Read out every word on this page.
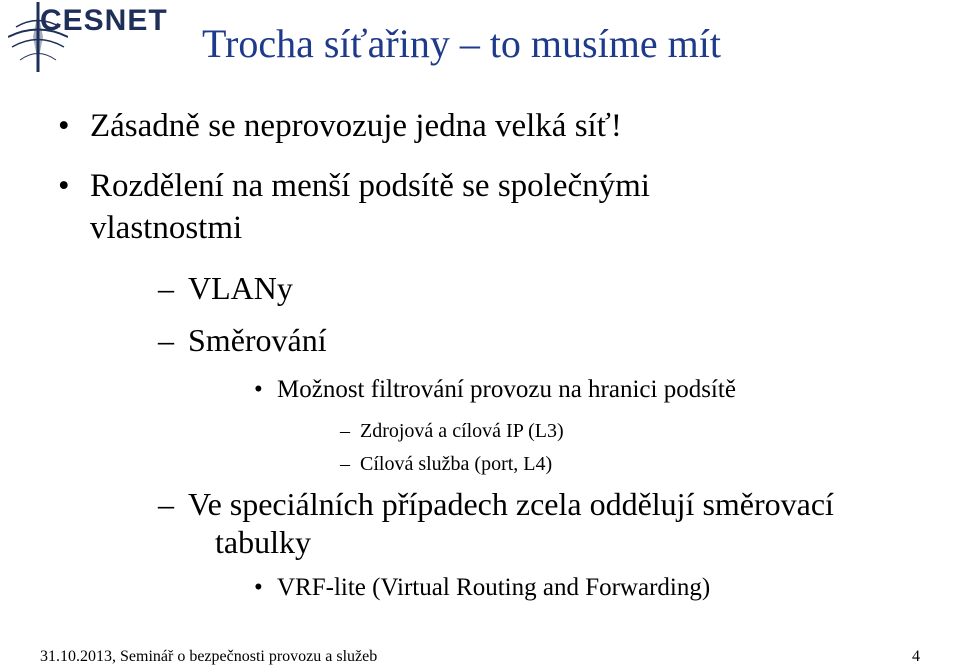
CESNET
Trocha síťařiny – to musíme mít
• Zásadně se neprovozuje jedna velká síť!
• Rozdělení na menší podsítě se společnými
vlastnostmi
– VLANy
– Směrování
• Možnost filtrování provozu na hranici podsítě
– Zdrojová a cílová IP (L3)
– Cílová služba (port, L4)
– Ve speciálních případech zcela oddělují směrovací
tabulky
• VRF-lite (Virtual Routing and Forwarding)
31.10.2013, Seminář o bezpečnosti provozu a služeb	4
